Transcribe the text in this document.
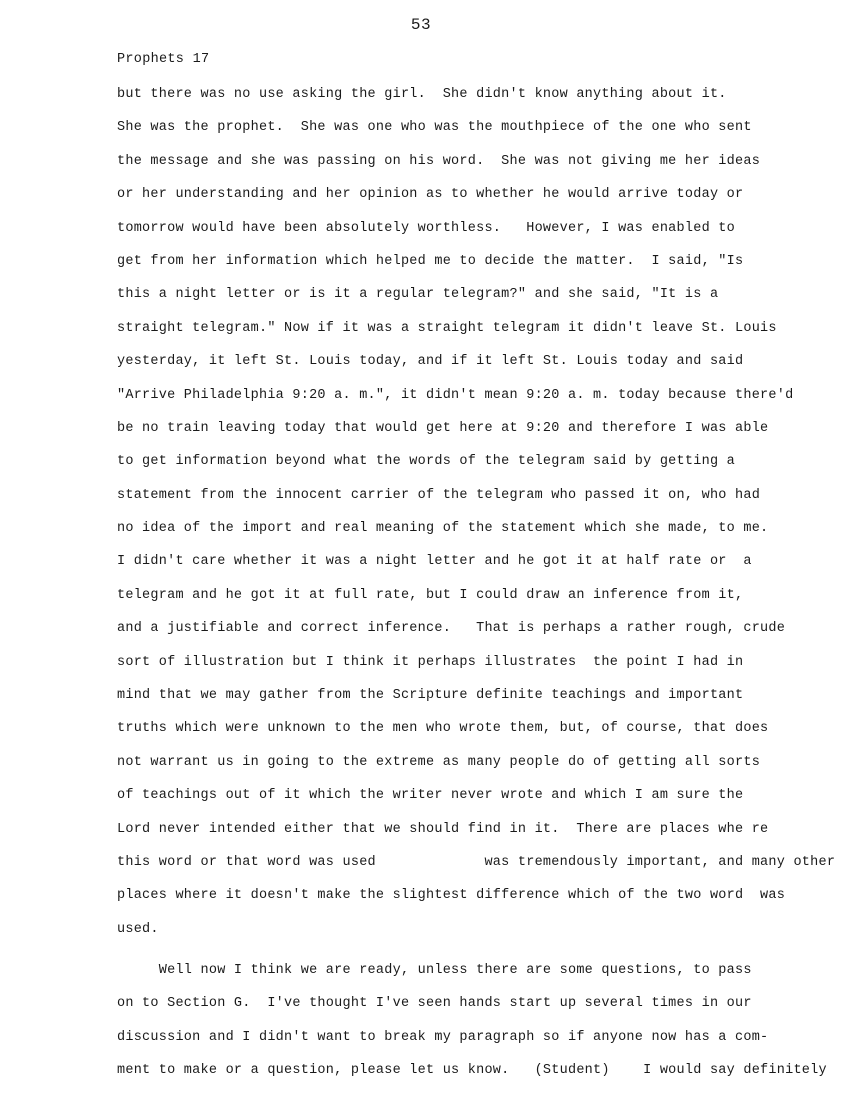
53
Prophets 17
but there was no use asking the girl.  She didn't know anything about it.
She was the prophet.  She was one who was the mouthpiece of the one who sent
the message and she was passing on his word.  She was not giving me her ideas
or her understanding and her opinion as to whether he would arrive today or
tomorrow would have been absolutely worthless.   However, I was enabled to
get from her information which helped me to decide the matter.  I said, "Is
this a night letter or is it a regular telegram?" and she said, "It is a
straight telegram." Now if it was a straight telegram it didn't leave St. Louis
yesterday, it left St. Louis today, and if it left St. Louis today and said
"Arrive Philadelphia 9:20 a. m.", it didn't mean 9:20 a. m. today because there'd
be no train leaving today that would get here at 9:20 and therefore I was able
to get information beyond what the words of the telegram said by getting a
statement from the innocent carrier of the telegram who passed it on, who had
no idea of the import and real meaning of the statement which she made, to me.
I didn't care whether it was a night letter and he got it at half rate or  a
telegram and he got it at full rate, but I could draw an inference from it,
and a justifiable and correct inference.   That is perhaps a rather rough, crude
sort of illustration but I think it perhaps illustrates  the point I had in
mind that we may gather from the Scripture definite teachings and important
truths which were unknown to the men who wrote them, but, of course, that does
not warrant us in going to the extreme as many people do of getting all sorts
of teachings out of it which the writer never wrote and which I am sure the
Lord never intended either that we should find in it.  There are places whe re
this word or that word was used             was tremendously important, and many other
places where it doesn't make the slightest difference which of the two word  was
used.
Well now I think we are ready, unless there are some questions, to pass
on to Section G.  I've thought I've seen hands start up several times in our
discussion and I didn't want to break my paragraph so if anyone now has a com-
ment to make or a question, please let us know.   (Student)    I would say definitely
